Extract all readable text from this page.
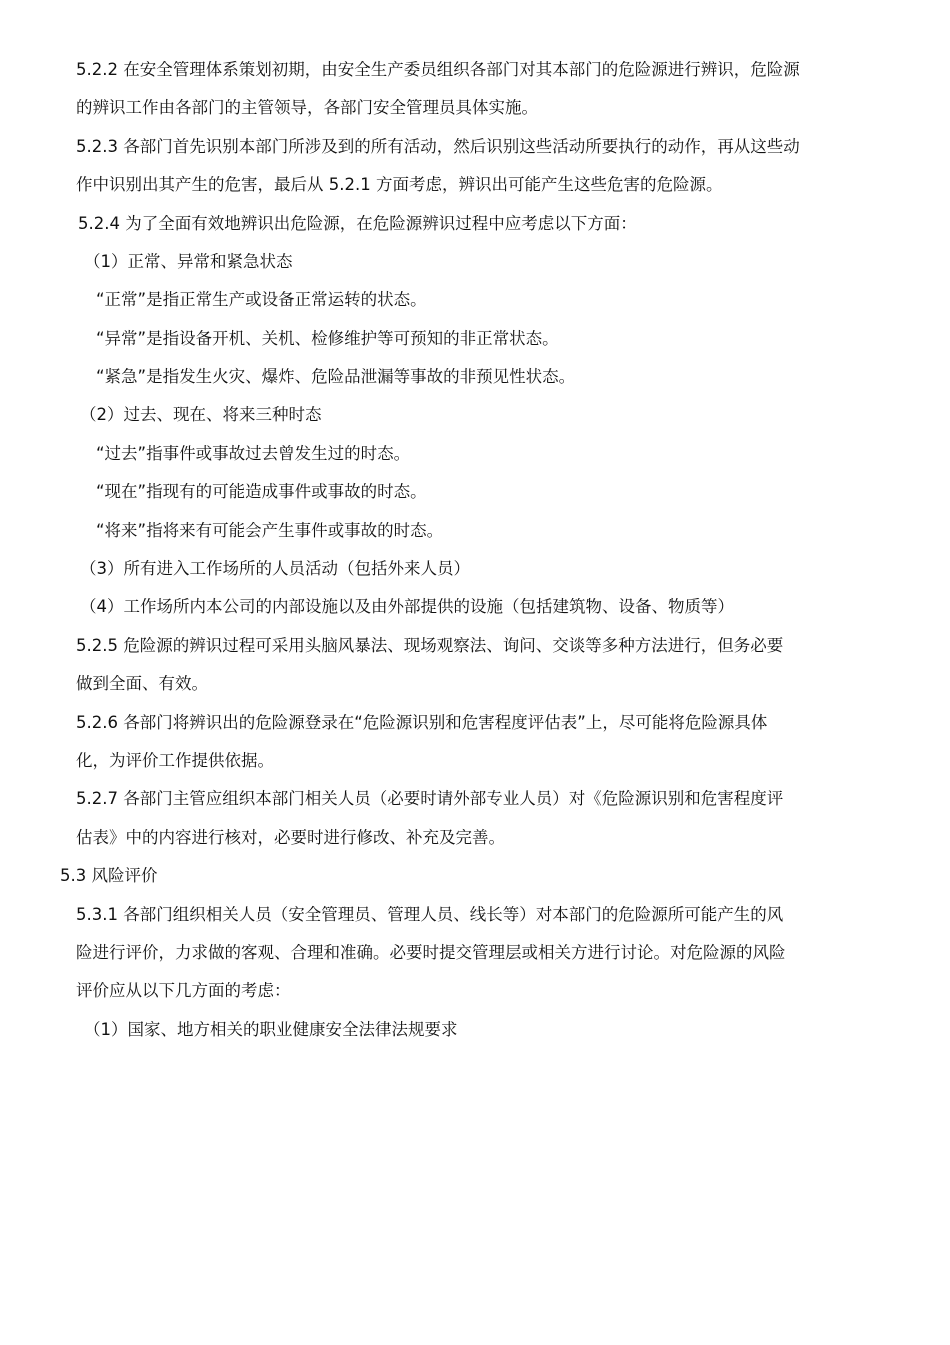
5.2.2 在安全管理体系策划初期，由安全生产委员组织各部门对其本部门的危险源进行辨识，危险源
的辨识工作由各部门的主管领导，各部门安全管理员具体实施。
5.2.3 各部门首先识别本部门所涉及到的所有活动，然后识别这些活动所要执行的动作，再从这些动
作中识别出其产生的危害，最后从 5.2.1 方面考虑，辨识出可能产生这些危害的危险源。
5.2.4 为了全面有效地辨识出危险源，在危险源辨识过程中应考虑以下方面：
（1）正常、异常和紧急状态
“正常”是指正常生产或设备正常运转的状态。
“异常”是指设备开机、关机、检修维护等可预知的非正常状态。
“紧急”是指发生火灾、爆炸、危险品泄漏等事故的非预见性状态。
（2）过去、现在、将来三种时态
“过去”指事件或事故过去曾发生过的时态。
“现在”指现有的可能造成事件或事故的时态。
“将来”指将来有可能会产生事件或事故的时态。
（3）所有进入工作场所的人员活动（包括外来人员）
（4）工作场所内本公司的内部设施以及由外部提供的设施（包括建筑物、设备、物质等）
5.2.5 危险源的辨识过程可采用头脑风暴法、现场观察法、询问、交谈等多种方法进行，但务必要
做到全面、有效。
5.2.6 各部门将辨识出的危险源登录在“危险源识别和危害程度评估表”上，尽可能将危险源具体
化，为评价工作提供依据。
5.2.7 各部门主管应组织本部门相关人员（必要时请外部专业人员）对《危险源识别和危害程度评
估表》中的内容进行核对，必要时进行修改、补充及完善。
5.3 风险评价
5.3.1 各部门组织相关人员（安全管理员、管理人员、线长等）对本部门的危险源所可能产生的风
险进行评价，力求做的客观、合理和准确。必要时提交管理层或相关方进行讨论。对危险源的风险
评价应从以下几方面的考虑：
（1）国家、地方相关的职业健康安全法律法规要求
